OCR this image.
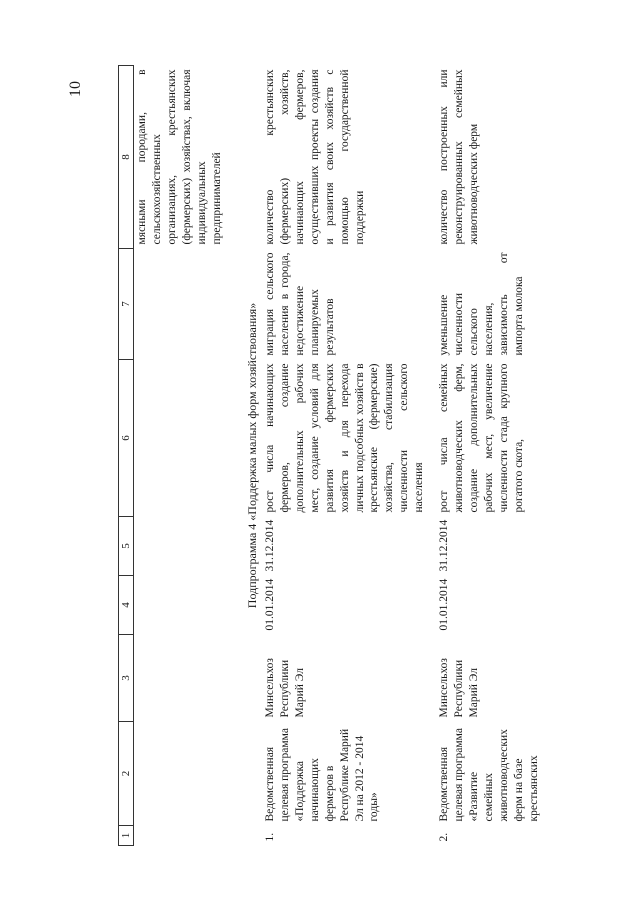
10
1	2	3	4	5	6	7	8
							мясными породами, в сельскохозяйственных организациях, крестьянских (фермерских) хозяйствах, включая индивидуальных предпринимателей
Подпрограмма 4 «Поддержка малых форм хозяйствования»							
1.	Ведомственная целевая программа «Поддержка начинающих фермеров в Республике Марий Эл на 2012 - 2014 годы»	Минсельхоз Республики Марий Эл	01.01.2014	31.12.2014	рост числа начинающих фермеров, создание дополнительных рабочих мест, создание условий для развития фермерских хозяйств и для перехода личных подсобных хозяйств в крестьянские (фермерские) хозяйства, стабилизация численности сельского населения	миграция сельского населения в города, недостижение планируемых результатов	количество крестьянских (фермерских) хозяйств, начинающих фермеров, осуществивших проекты создания и развития своих хозяйств с помощью государственной поддержки
2.	Ведомственная целевая программа «Развитие семейных животноводческих ферм на базе крестьянских	Минсельхоз Республики Марий Эл	01.01.2014	31.12.2014	рост числа семейных животноводческих ферм, создание дополнительных рабочих мест, увеличение численности стада крупного рогатого скота,	уменьшение численности сельского населения, зависимость от импорта молока	количество построенных или реконструированных семейных животноводческих ферм
